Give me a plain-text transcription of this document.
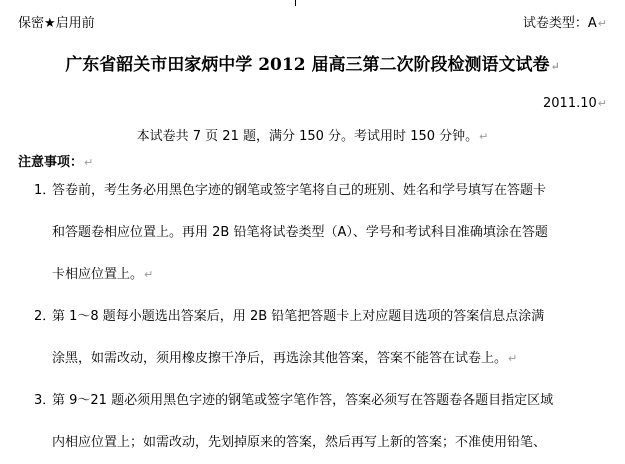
保密★启用前	试卷类型：A↵
广东省韶关市田家炳中学 2012 届高三第二次阶段检测语文试卷↵
2011.10↵
本试卷共 7 页 21 题，满分 150 分。考试用时 150 分钟。↵
注意事项：↵
1．
答卷前，考生务必用黑色字迹的钢笔或签字笔将自己的班别、姓名和学号填写在答题卡
和答题卷相应位置上。再用 2B 铅笔将试卷类型（A）、学号和考试科目准确填涂在答题
卡相应位置上。↵
2．
第 1～8 题每小题选出答案后，用 2B 铅笔把答题卡上对应题目选项的答案信息点涂满
涂黑，如需改动，须用橡皮擦干净后，再选涂其他答案，答案不能答在试卷上。↵
3．
第 9～21 题必须用黑色字迹的钢笔或签字笔作答，答案必须写在答题卷各题目指定区域
内相应位置上；如需改动，先划掉原来的答案，然后再写上新的答案；不准使用铅笔、
